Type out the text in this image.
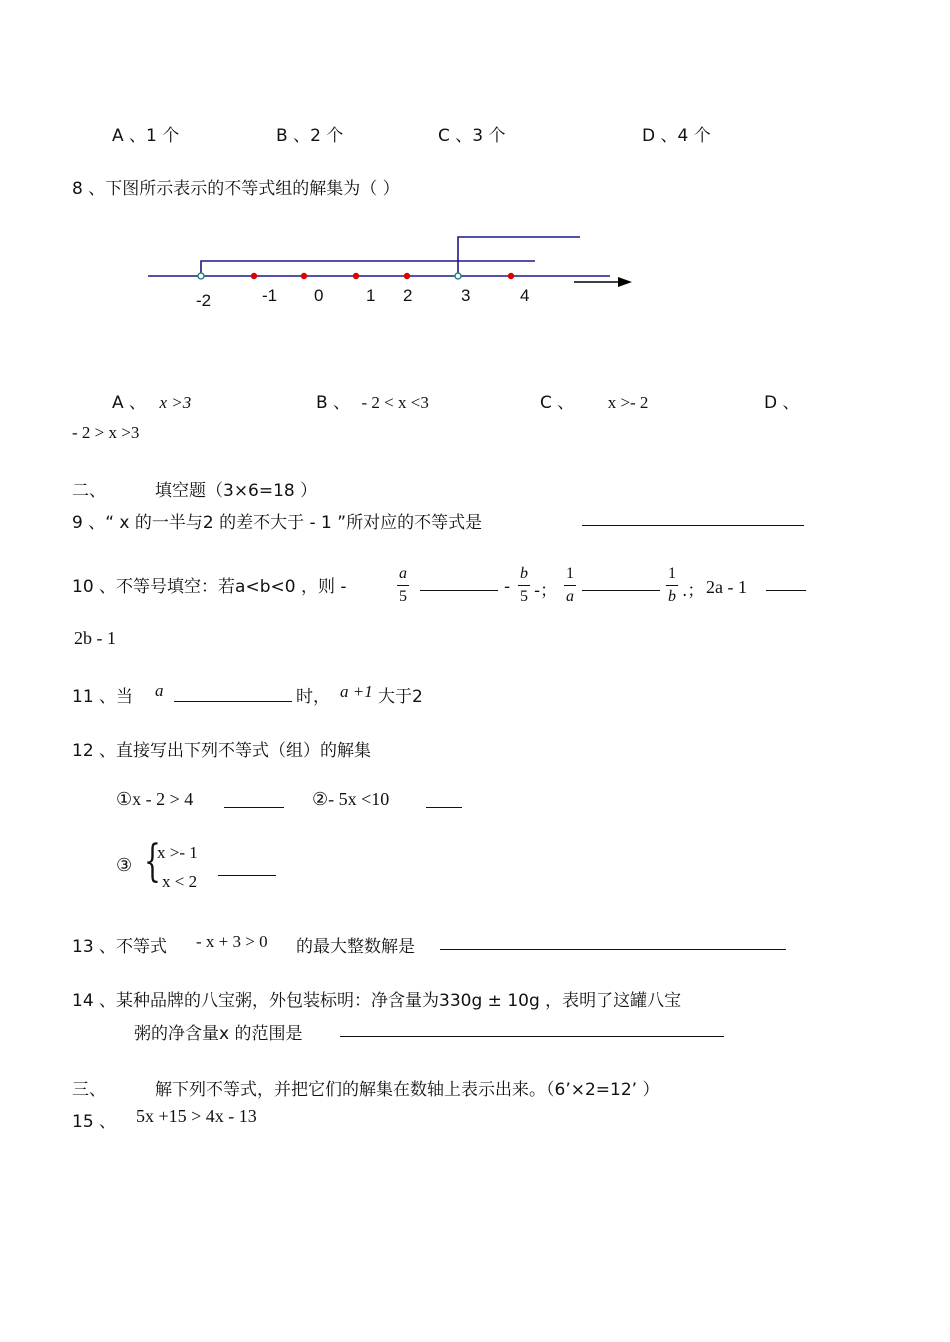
A 、1 个	B 、2 个	C 、3 个	D 、4 个
8 、下图所示表示的不等式组的解集为（ ）
-2	-1 0	1 2	3	4
A 、 x >3	B 、 - 2 < x <3	C 、 x >- 2	D 、
- 2 > x >3
二、	填空题（3×6=18 ）
9 、“ x 的一半与2 的差不大于 - 1 ”所对应的不等式是
10 、不等号填空：若a<b<0 ，则 -
a
5	-
b
5 -；
1
a
1
b .； 2a - 1
2b - 1
11 、当 a	时， a +1 大于2
12 、直接写出下列不等式（组）的解集
①x - 2 > 4	②- 5x <10
③ {
x >- 1
x < 2
13 、不等式 - x + 3 > 0 的最大整数解是
14 、某种品牌的八宝粥，外包装标明：净含量为330g ± 10g ，表明了这罐八宝
粥的净含量x 的范围是
三、	解下列不等式，并把它们的解集在数轴上表示出来。（6’×2=12’ ）
15 、 5x +15 > 4x - 13
